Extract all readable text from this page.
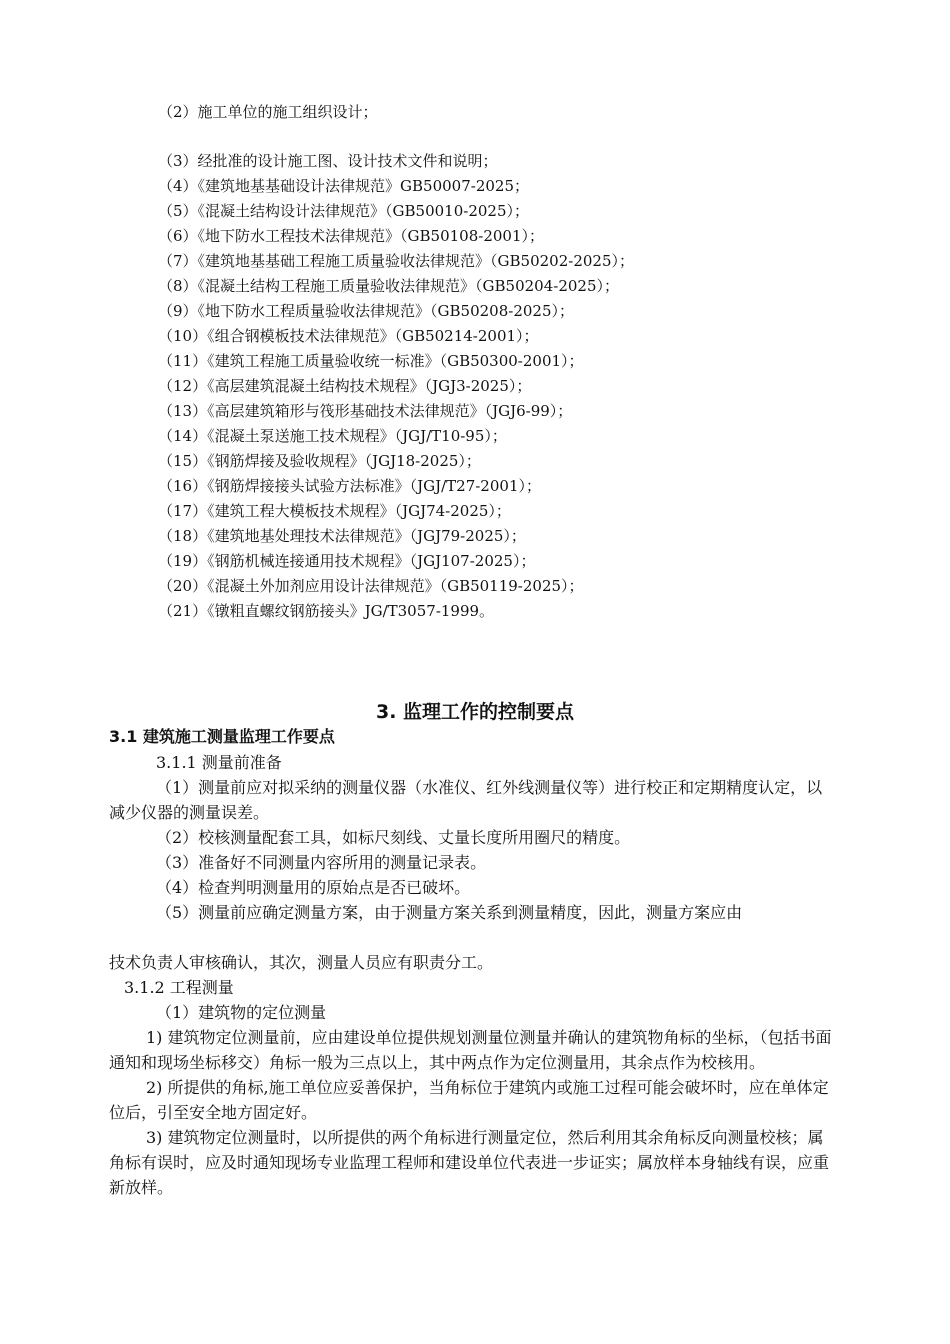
（2）施工单位的施工组织设计；
（3）经批准的设计施工图、设计技术文件和说明；
（4）《建筑地基基础设计法律规范》GB50007-2025；
（5）《混凝土结构设计法律规范》（GB50010-2025）；
（6）《地下防水工程技术法律规范》（GB50108-2001）；
（7）《建筑地基基础工程施工质量验收法律规范》（GB50202-2025）；
（8）《混凝土结构工程施工质量验收法律规范》（GB50204-2025）；
（9）《地下防水工程质量验收法律规范》（GB50208-2025）；
（10）《组合钢模板技术法律规范》（GB50214-2001）；
（11）《建筑工程施工质量验收统一标准》（GB50300-2001）；
（12）《高层建筑混凝土结构技术规程》（JGJ3-2025）；
（13）《高层建筑箱形与筏形基础技术法律规范》（JGJ6-99）；
（14）《混凝土泵送施工技术规程》（JGJ/T10-95）；
（15）《钢筋焊接及验收规程》（JGJ18-2025）；
（16）《钢筋焊接接头试验方法标准》（JGJ/T27-2001）；
（17）《建筑工程大模板技术规程》（JGJ74-2025）；
（18）《建筑地基处理技术法律规范》（JGJ79-2025）；
（19）《钢筋机械连接通用技术规程》（JGJ107-2025）；
（20）《混凝土外加剂应用设计法律规范》（GB50119-2025）；
（21）《镦粗直螺纹钢筋接头》JG/T3057-1999。
3. 监理工作的控制要点
3.1 建筑施工测量监理工作要点

3.1.1 测量前准备

（1）测量前应对拟采纳的测量仪器（水准仪、红外线测量仪等）进行校正和定期精度认定，以减少仪器的测量误差。

（2）校核测量配套工具，如标尺刻线、丈量长度所用圈尺的精度。

（3）准备好不同测量内容所用的测量记录表。

（4）检查判明测量用的原始点是否已破坏。

（5）测量前应确定测量方案，由于测量方案关系到测量精度，因此，测量方案应由

技术负责人审核确认，其次，测量人员应有职责分工。

3.1.2 工程测量

（1）建筑物的定位测量

1) 建筑物定位测量前，应由建设单位提供规划测量位测量并确认的建筑物角标的坐标，（包括书面通知和现场坐标移交）角标一般为三点以上，其中两点作为定位测量用，其余点作为校核用。

2) 所提供的角标,施工单位应妥善保护，当角标位于建筑内或施工过程可能会破坏时，应在单体定位后，引至安全地方固定好。

3) 建筑物定位测量时，以所提供的两个角标进行测量定位，然后利用其余角标反向测量校核；属角标有误时，应及时通知现场专业监理工程师和建设单位代表进一步证实；属放样本身轴线有误，应重新放样。
